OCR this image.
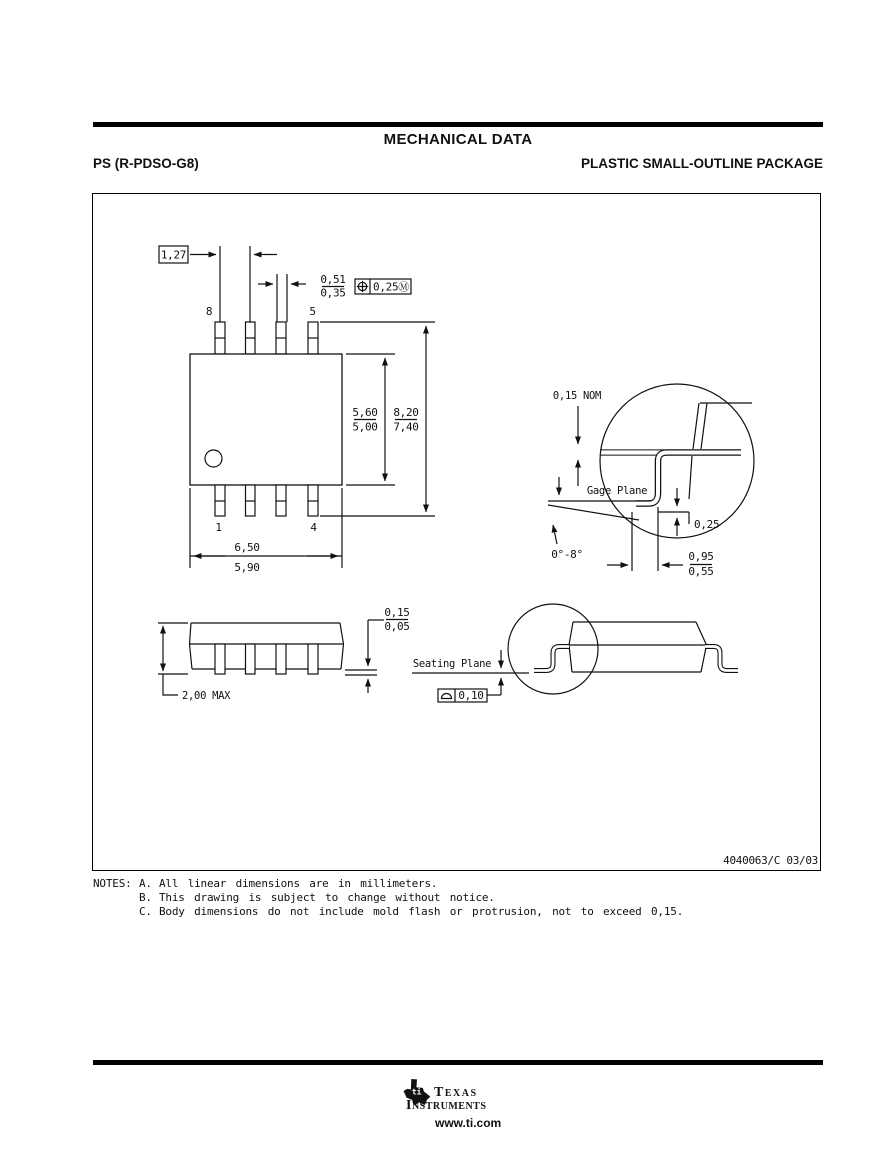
MECHANICAL DATA
PS (R-PDSO-G8)	PLASTIC SMALL-OUTLINE PACKAGE
1,27
0,51
0,35 0,25Ⓜ
8	5
1	4
5,60
5,00
8,20
7,40
6,50
5,90
0,15 NOM
Gage Plane
0,25
0°-8°	0,95
0,55
2,00 MAX
0,15
0,05
Seating Plane
0,10
4040063/C 03/03
NOTES: A. All linear dimensions are in millimeters.
B. This drawing is subject to change without notice.
C. Body dimensions do not include mold flash or protrusion, not to exceed 0,15.
ti Texas
Instruments
www.ti.com
